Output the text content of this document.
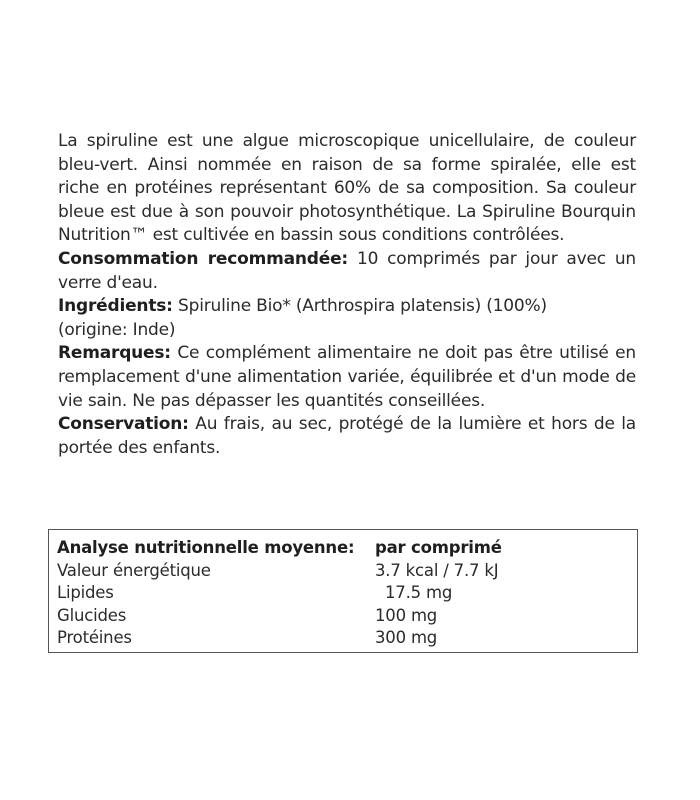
La spiruline est une algue microscopique unicellulaire, de couleur bleu-vert. Ainsi nommée en raison de sa forme spiralée, elle est riche en protéines représentant 60% de sa composition. Sa couleur bleue est due à son pouvoir photosynthétique. La Spiruline Bourquin Nutrition™ est cultivée en bassin sous conditions contrôlées.

Consommation recommandée: 10 comprimés par jour avec un verre d'eau.

Ingrédients: Spiruline Bio* (Arthrospira platensis) (100%) (origine: Inde)

Remarques: Ce complément alimentaire ne doit pas être utilisé en remplacement d'une alimentation variée, équilibrée et d'un mode de vie sain. Ne pas dépasser les quantités conseillées.

Conservation: Au frais, au sec, protégé de la lumière et hors de la portée des enfants.

Analyse nutritionnelle moyenne:	par comprimé
Valeur énergétique	3.7 kcal / 7.7 kJ
Lipides	17.5 mg
Glucides	100 mg
Protéines	300 mg
